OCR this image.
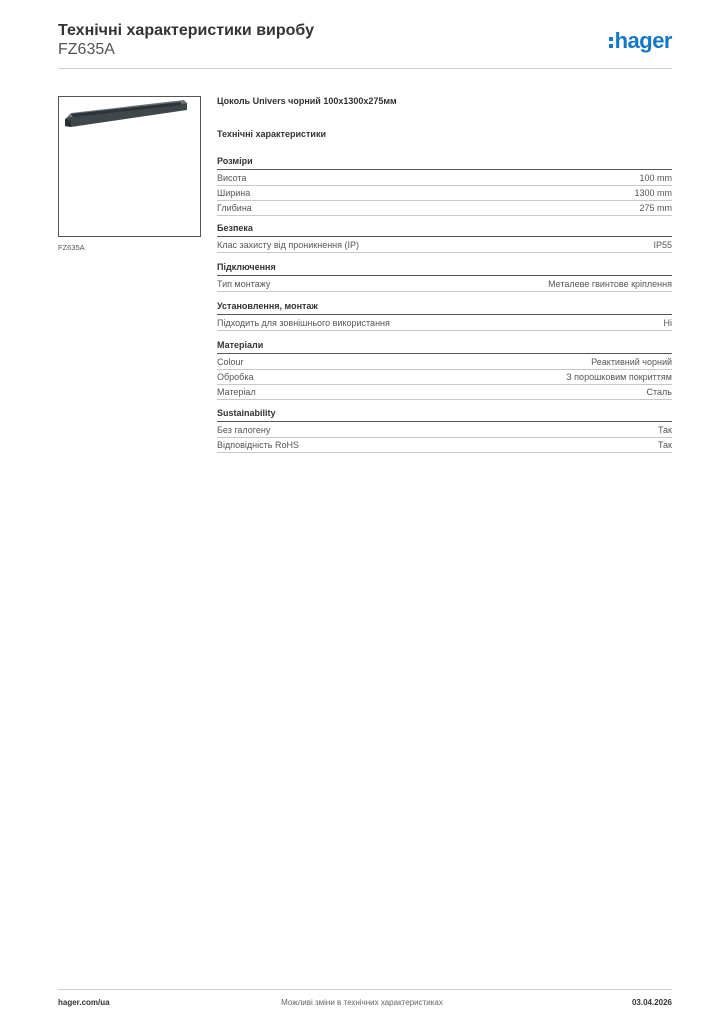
Технічні характеристики виробу
FZ635A	hager
FZ635A
Цоколь Univers чорний 100x1300x275мм
Технічні характеристики
Розміри
Висота	100 mm
Ширина	1300 mm
Глибина	275 mm
Безпека
Клас захисту від проникнення (IP)	IP55
Підключення
Тип монтажу	Металеве гвинтове кріплення
Установлення, монтаж
Підходить для зовнішнього використання	Ні
Матеріали
Colour	Реактивний чорний
Обробка	З порошковим покриттям
Матеріал	Сталь
Sustainability
Без галогену	Так
Відповідність RoHS	Так
hager.com/ua	Можливі зміни в технічних характеристиках	03.04.2026
